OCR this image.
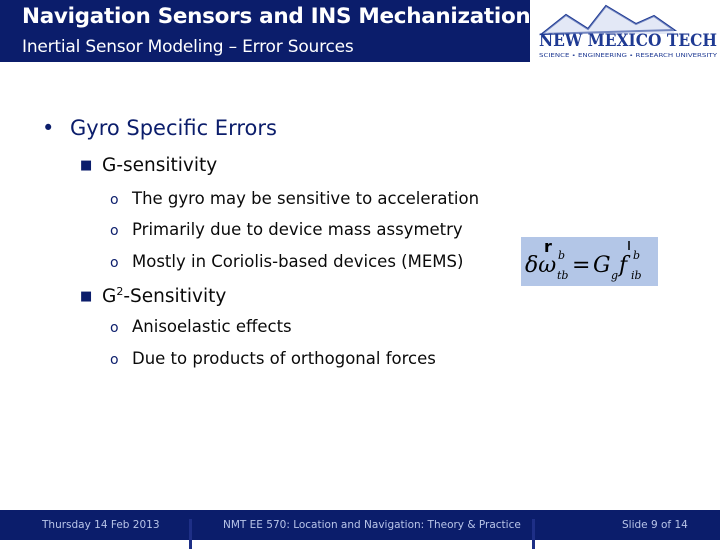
Navigation Sensors and INS Mechanization
Inertial Sensor Modeling – Error Sources	NEW MEXICO TECH
SCIENCE • ENGINEERING • RESEARCH UNIVERSITY
• Gyro Specific Errors
■ G-sensitivity
o The gyro may be sensitive to acceleration
o Primarily due to device mass assymetry
o Mostly in Coriolis-based devices (MEMS)
■ $G^2$-Sensitivity
o Anisoelastic effects
o Due to products of orthogonal forces
δω tb
b
r
= G g f ib
b
Thursday 14 Feb 2013	NMT EE 570: Location and Navigation: Theory & Practice	Slide 9 of 14
